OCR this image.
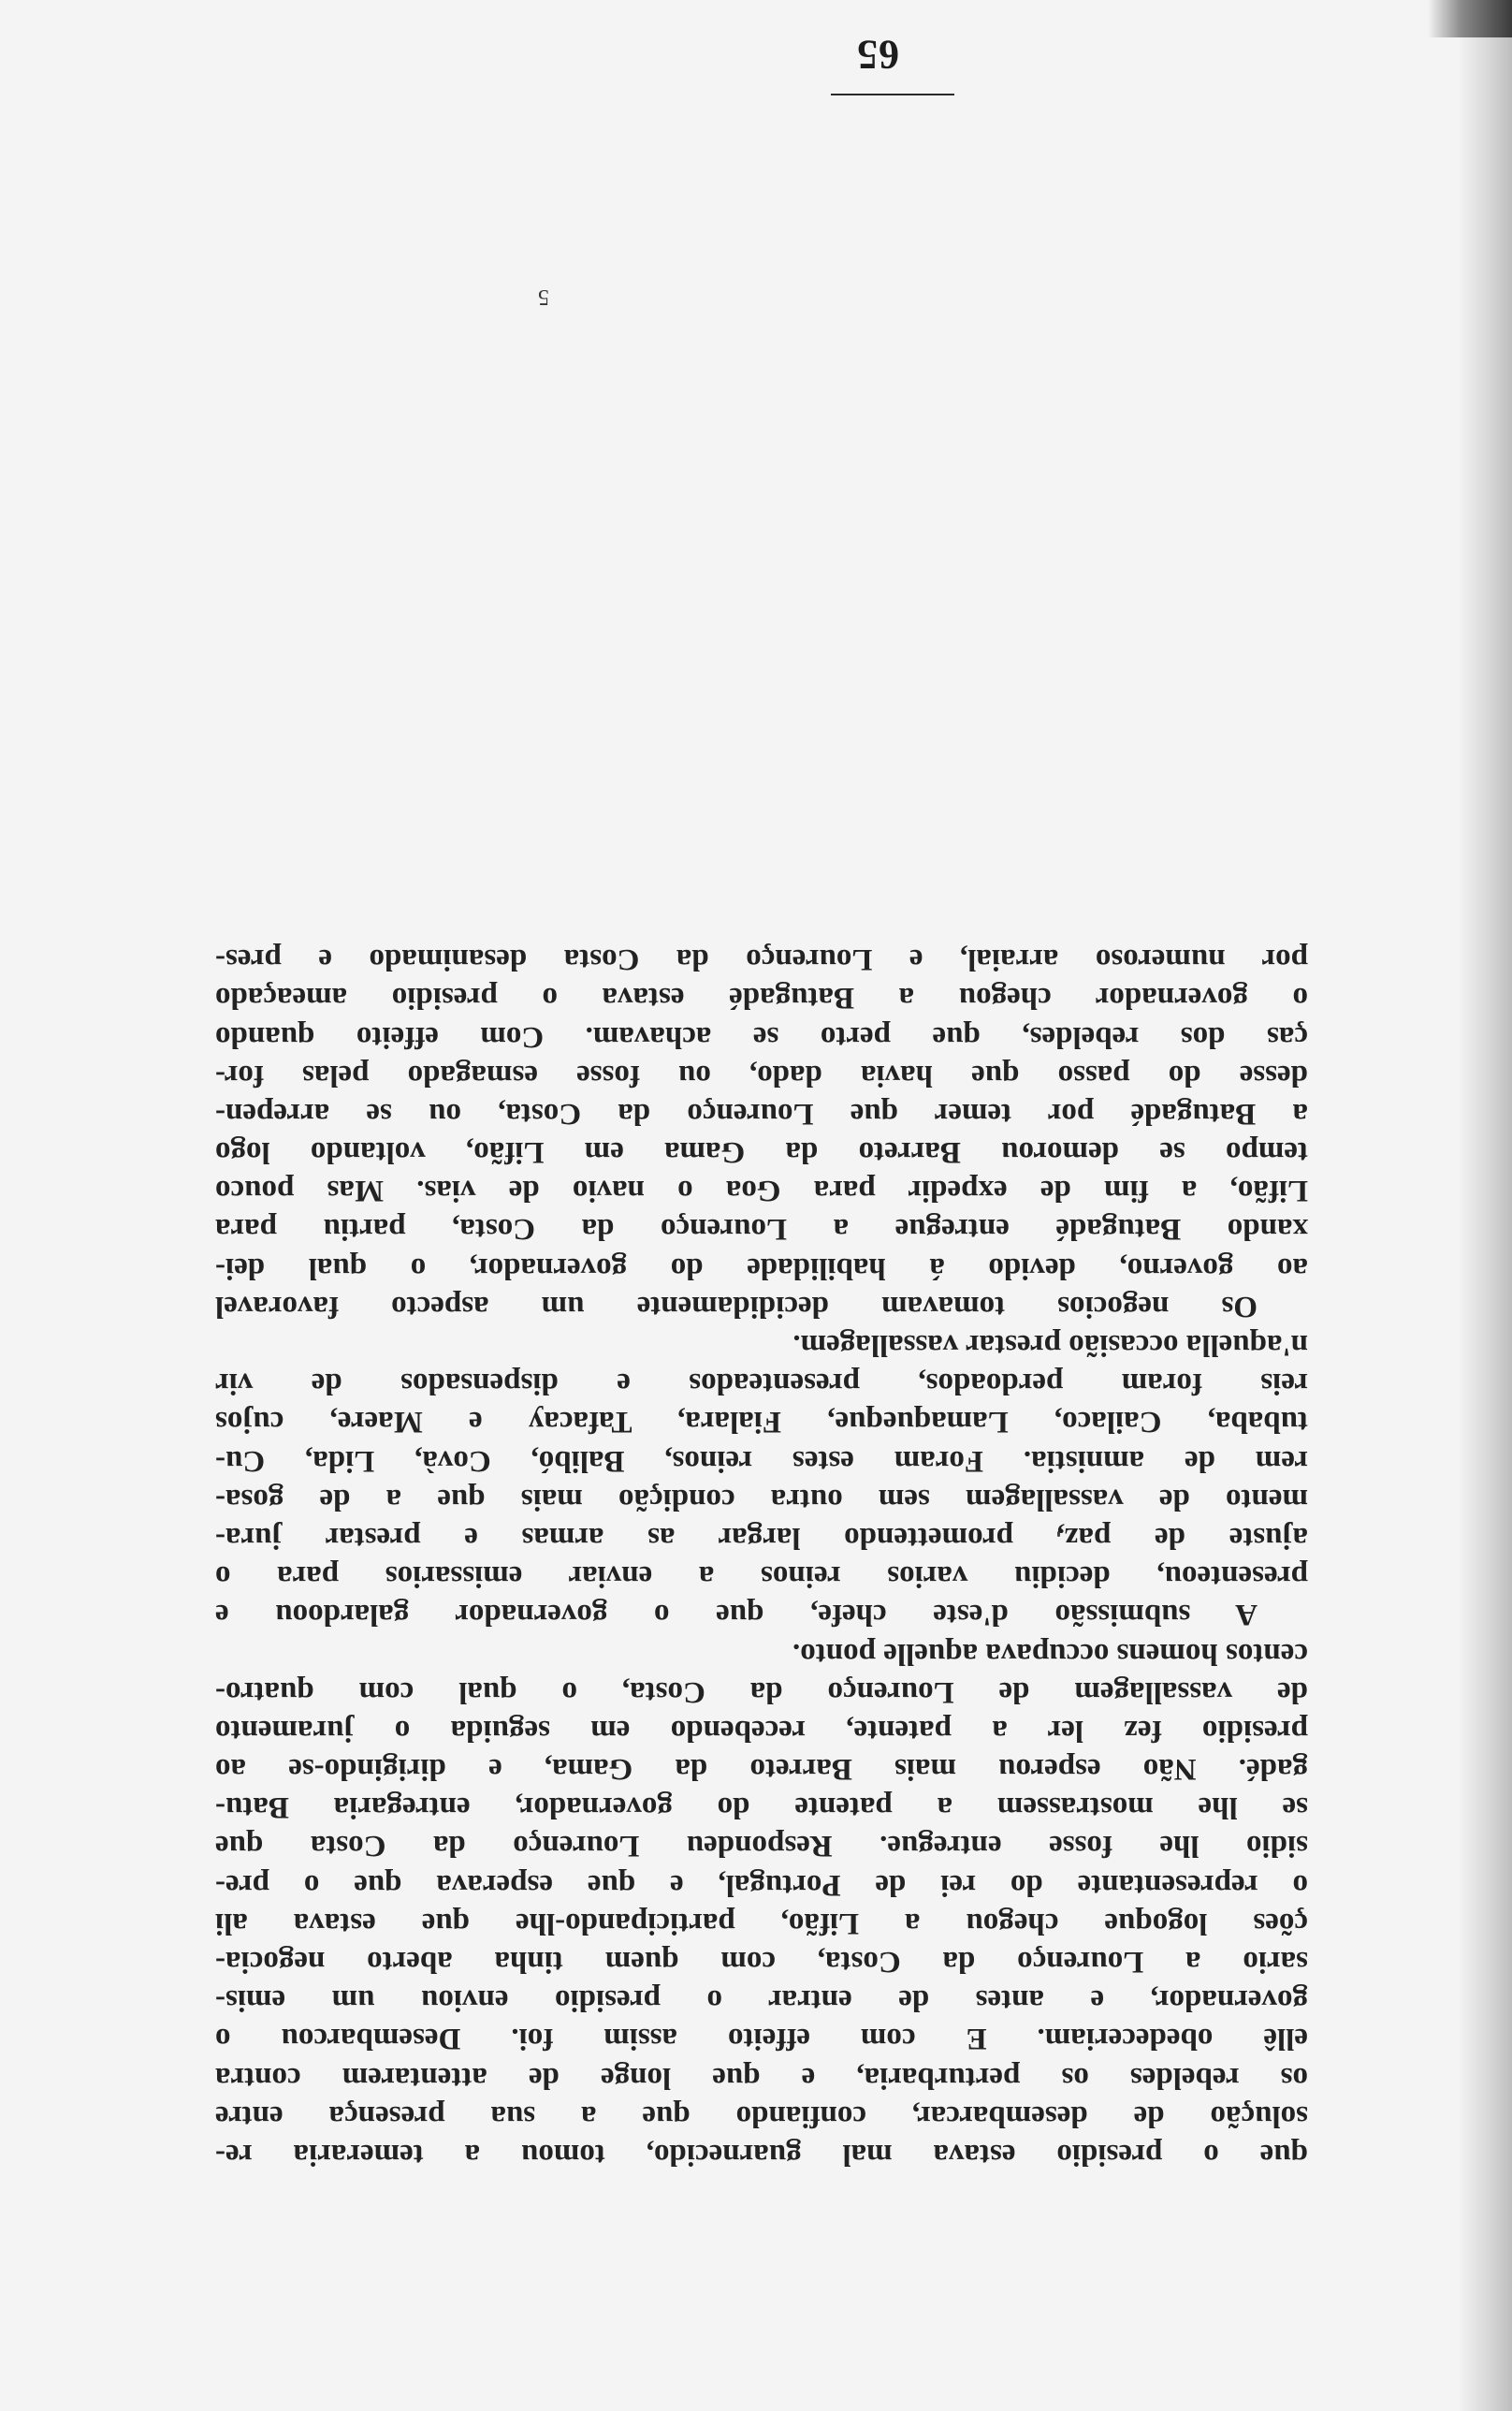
65
que o presidio estava mal guarnecido, tomou a temeraria re-
solução de desembarcar, confiando que a sua presença entre
os rebeldes os perturbaria, e que longe de attentarem contra
ellê obedeceriam. E com effeito assim foi. Desembarcou o
governador, e antes de entrar o presidio enviou um emis-
sario a Lourenço da Costa, com quem tinha aberto negocia-
ções logoque chegou a Lifão, participando-lhe que estava ali
o representante do rei de Portugal, e que esperava que o pre-
sidio lhe fosse entregue. Respondeu Lourenço da Costa que
se lhe mostrassem a patente do governador, entregaria Batu-
gadé. Não esperou mais Barreto da Gama, e dirigindo-se ao
presidio fez ler a patente, recebendo em seguida o juramento
de vassallagem de Lourenço da Costa, o qual com quatro-
centos homens occupava aquelle ponto.
A submissão d'este chefe, que o governador galardoou e
presenteou, decidiu varios reinos a enviar emissarios para o
ajuste de paz, promettendo largar as armas e prestar jura-
mento de vassallagem sem outra condição mais que a de gosa-
rem de amnistia. Foram estes reinos, Balibó, Covà, Lida, Cu-
tubaba, Cailaco, Lamaqueque, Fialara, Tafacay e Maere, cujos
reis foram perdoados, presenteados e dispensados de vir
n'aquella occasião prestar vassallagem.
Os negocios tomavam decididamente um aspecto favoravel
ao governo, devido á habilidade do governador, o qual dei-
xando Batugadé entregue a Lourenço da Costa, partiu para
Lifão, a fim de expedir para Goa o navio de vias. Mas pouco
tempo se demorou Barreto da Gama em Lifão, voltando logo
a Batugadé por temer que Lourenço da Costa, ou se arrepen-
desse do passo que havia dado, ou fosse esmagado pelas for-
ças dos rebeldes, que perto se achavam. Com effeito quando
o governador chegou a Batugadé estava o presidio ameaçado
por numeroso arraial, e Lourenço da Costa desanimado e pres-
5
